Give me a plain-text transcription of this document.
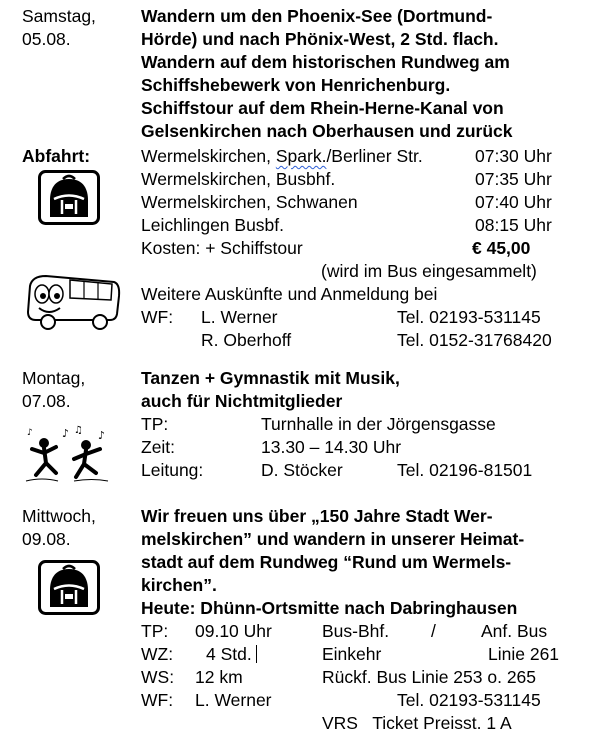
Samstag,
05.08.
Wandern um den Phoenix-See (Dortmund-
Hörde) und nach Phönix-West, 2 Std. flach.
Wandern auf dem historischen Rundweg am
Schiffshebewerk von Henrichenburg.
Schiffstour auf dem Rhein-Herne-Kanal von
Gelsenkirchen nach Oberhausen und zurück
Abfahrt:	Wermelskirchen, Spark./Berliner Str.	07:30 Uhr
Wermelskirchen, Busbhf.	07:35 Uhr
Wermelskirchen, Schwanen	07:40 Uhr
Leichlingen Busbf.	08:15 Uhr
Kosten: + Schiffstour	€ 45,00
(wird im Bus eingesammelt)
Weitere Auskünfte und Anmeldung bei
WF: L. Werner	Tel. 02193-531145
R. Oberhoff	Tel. 0152-31768420
Montag,
07.08.
Tanzen + Gymnastik mit Musik,
auch für Nichtmitglieder
TP:	Turnhalle in der Jörgensgasse
Zeit:	13.30 – 14.30 Uhr
Leitung:	D. Stöcker	Tel. 02196-81501
♪ ♫ ♪
♪
Mittwoch,
09.08.
Wir freuen uns über „150 Jahre Stadt Wer-
melskirchen” und wandern in unserer Heimat-
stadt auf dem Rundweg “Rund um Wermels-
kirchen”.
Heute: Dhünn-Ortsmitte nach Dabringhausen
TP: 09.10 Uhr	Bus-Bhf. /	Anf. Bus
WZ: 4 Std.	Einkehr	Linie 261
WS: 12 km	Rückf. Bus Linie 253 o. 265
WF: L. Werner	Tel. 02193-531145
VRS   Ticket Preisst. 1 A
